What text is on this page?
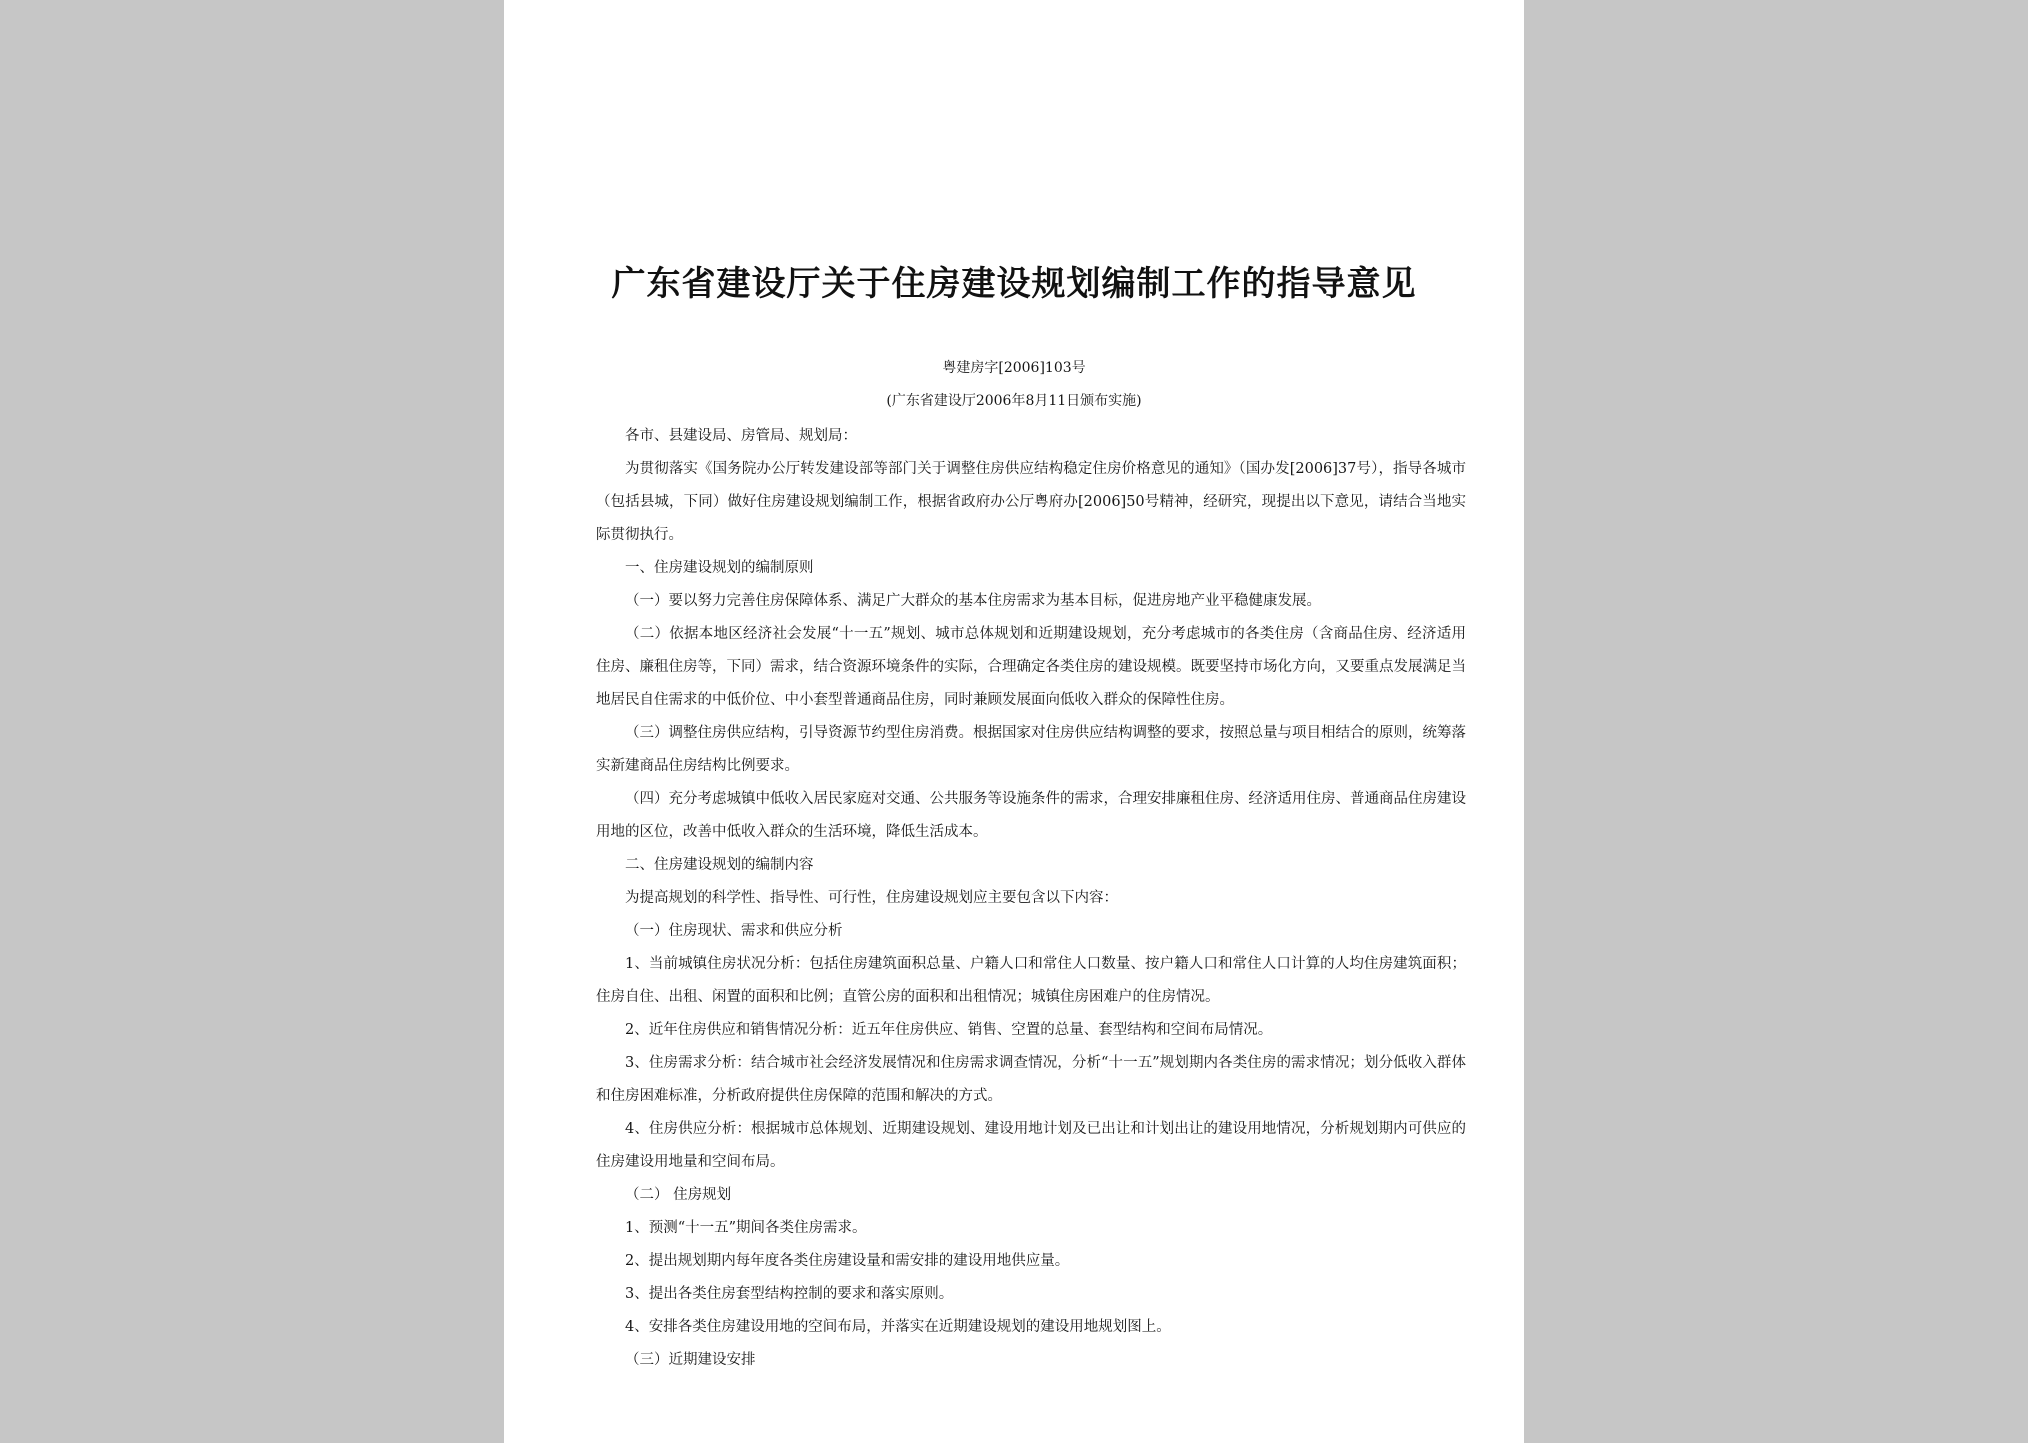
广东省建设厅关于住房建设规划编制工作的指导意见
粤建房字[2006]103号
(广东省建设厅2006年8月11日颁布实施)

各市、县建设局、房管局、规划局：

为贯彻落实《国务院办公厅转发建设部等部门关于调整住房供应结构稳定住房价格意见的通知》（国办发[2006]37号），指导各城市（包括县城，下同）做好住房建设规划编制工作，根据省政府办公厅粤府办[2006]50号精神，经研究，现提出以下意见，请结合当地实际贯彻执行。

一、住房建设规划的编制原则

（一）要以努力完善住房保障体系、满足广大群众的基本住房需求为基本目标，促进房地产业平稳健康发展。

（二）依据本地区经济社会发展“十一五”规划、城市总体规划和近期建设规划，充分考虑城市的各类住房（含商品住房、经济适用住房、廉租住房等，下同）需求，结合资源环境条件的实际，合理确定各类住房的建设规模。既要坚持市场化方向，又要重点发展满足当地居民自住需求的中低价位、中小套型普通商品住房，同时兼顾发展面向低收入群众的保障性住房。

（三）调整住房供应结构，引导资源节约型住房消费。根据国家对住房供应结构调整的要求，按照总量与项目相结合的原则，统筹落实新建商品住房结构比例要求。

（四）充分考虑城镇中低收入居民家庭对交通、公共服务等设施条件的需求，合理安排廉租住房、经济适用住房、普通商品住房建设用地的区位，改善中低收入群众的生活环境，降低生活成本。

二、住房建设规划的编制内容

为提高规划的科学性、指导性、可行性，住房建设规划应主要包含以下内容：

（一）住房现状、需求和供应分析

1、当前城镇住房状况分析：包括住房建筑面积总量、户籍人口和常住人口数量、按户籍人口和常住人口计算的人均住房建筑面积；住房自住、出租、闲置的面积和比例；直管公房的面积和出租情况；城镇住房困难户的住房情况。

2、近年住房供应和销售情况分析：近五年住房供应、销售、空置的总量、套型结构和空间布局情况。

3、住房需求分析：结合城市社会经济发展情况和住房需求调查情况，分析“十一五”规划期内各类住房的需求情况；划分低收入群体和住房困难标准，分析政府提供住房保障的范围和解决的方式。

4、住房供应分析：根据城市总体规划、近期建设规划、建设用地计划及已出让和计划出让的建设用地情况，分析规划期内可供应的住房建设用地量和空间布局。

（二） 住房规划

1、预测“十一五”期间各类住房需求。

2、提出规划期内每年度各类住房建设量和需安排的建设用地供应量。

3、提出各类住房套型结构控制的要求和落实原则。

4、安排各类住房建设用地的空间布局，并落实在近期建设规划的建设用地规划图上。

（三）近期建设安排
